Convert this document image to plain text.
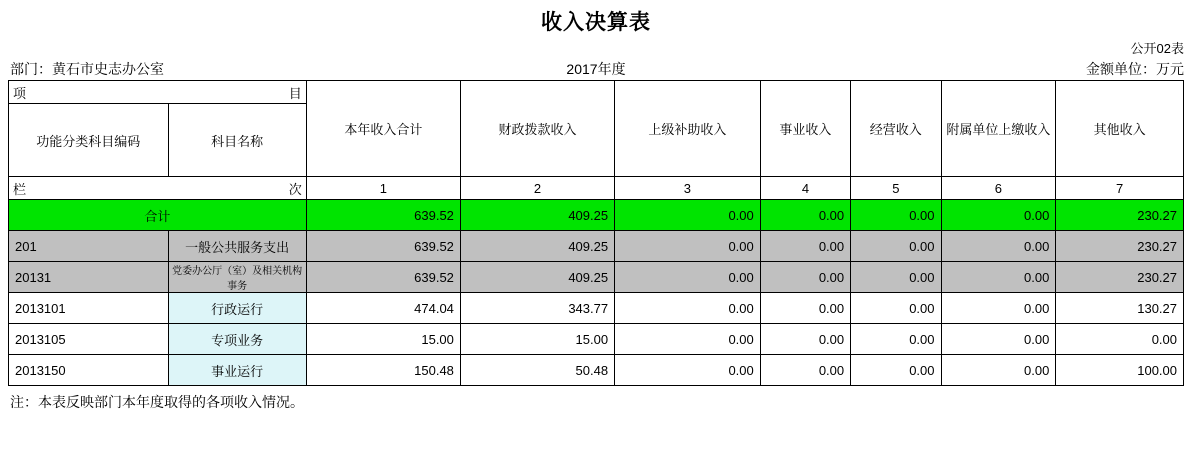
收入决算表
公开02表
部门：黄石市史志办公室	2017年度	金额单位：万元
项 目		本年收入合计	财政拨款收入	上级补助收入	事业收入	经营收入	附属单位上缴收入	其他收入
功能分类科目编码	科目名称							

栏 次		1	2	3	4	5	6	7
合计		639.52	409.25	0.00	0.00	0.00	0.00	230.27
201	一般公共服务支出	639.52	409.25	0.00	0.00	0.00	0.00	230.27
20131	党委办公厅（室）及相关机构事务	639.52	409.25	0.00	0.00	0.00	0.00	230.27
2013101	行政运行	474.04	343.77	0.00	0.00	0.00	0.00	130.27
2013105	专项业务	15.00	15.00	0.00	0.00	0.00	0.00	0.00
2013150	事业运行	150.48	50.48	0.00	0.00	0.00	0.00	100.00
注：本表反映部门本年度取得的各项收入情况。
